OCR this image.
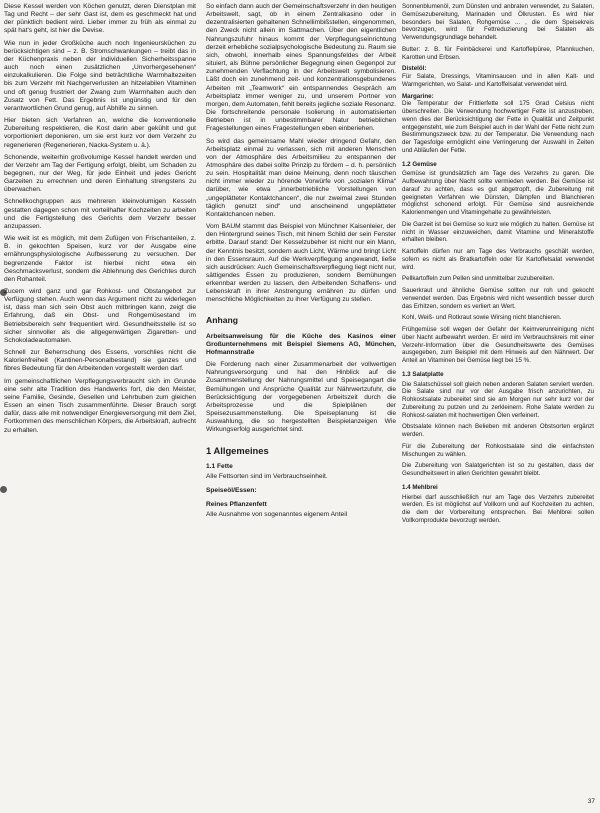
Diese Kessel werden von Köchen genutzt, deren Dienstplan mit Tag und Recht – der sehr Gast ist, dem es geschmeckt hat und der pünktlich bedient wird. Lieber immer zu früh als einmal zu spät hat's geht, ist hier die Devise.

Wie nun in jeder Großküche auch noch Ingenieursküchen zu berücksichtigen sind – z. B. Stromschwankungen – treibt das in der Küchenpraxis neben der individuellen Sicherheitsspanne auch noch einen zusätzlichen „Unvorhergesehenen“ einzukalkulieren. Die Folge sind beträchtliche Warmhaltezeiten bis zum Verzehr mit Nachgerverlusten an hitzelabilen Vitaminen und oft genug frustriert der Zwang zum Warmhalten auch den Zusatz von Fett. Das Ergebnis ist ungünstig und für den verantwortlichen Grund genug, auf Abhilfe zu sinnen.

Hier bieten sich Verfahren an, welche die konventionelle Zubereitung respektieren, die Kost darin aber gekühlt und gut vorportioniert deponieren, um sie erst kurz vor dem Verzehr zu regenerieren (Regenerieren, Nacka-System u. ä.).

Schonende, weiterhin großvolumige Kessel handelt werden und der Verzehr am Tag der Fertigung erfolgt, bleibt, um Schaden zu begegnen, nur der Weg, für jede Einheit und jedes Gericht Garzeiten zu errechnen und deren Einhaltung strengstens zu überwachen.

Schnellkochgruppen aus mehreren kleinvolumigen Kesseln gestatten dagegen schon mit vorteilhafter Kochzeiten zu arbeiten und die Fertigstellung des Gerichts dem Verzehr besser anzupassen.

Wie weit ist es möglich, mit dem Zufügen von Frischanteilen, z. B. in gekochten Speisen, kurz vor der Ausgabe eine ernährungsphysiologische Aufbesserung zu versuchen. Der begrenzende Faktor ist hierbei nicht etwa ein Geschmacksverlust, sondern die Ablehnung des Gerichtes durch den Rohanteil.

Zucem wird ganz und gar Rohkost- und Obstangebot zur Verfügung stehen. Auch wenn das Argument nicht zu widerlegen ist, dass man sich sein Obst auch mitbringen kann, zeigt die Erfahrung, daß ein Obst- und Rohgemüsestand im Betriebsbereich sehr frequentiert wird. Gesundheitsstelle ist so sicher sinnvoller als die allgegenwärtigen Zigaretten- und Schokoladeautomaten.

Schnell zur Beherrschung des Essens, vorschlies nicht die Kalorienfreiheit (Kantinen-Personalbestand) sie ganzes und fibres Bedeutung für den Arbeitenden vorgestellt werden darf.

Im gemeinschaftlichen Verpflegungsverbraucht sich im Grunde eine sehr alte Tradition des Handwerks fort, die den Meister, seine Familie, Gesinde, Gesellen und Lehrbuben zum gleichen Essen an einen Tisch zusammenführte. Dieser Brauch sorgt dafür, dass alle mit notwendiger Energieversorgung mit dem Ziel, Fortkommen des menschlichen Körpers, die Arbeitskraft, aufrecht zu erhalten.

So einfach dann auch der Gemeinschaftsverzehr in den heutigen Arbeitswelt, sagt, ob in einem Zentralkasino oder in dezentralisierten gehaltenen Schnellimbißstellen, eingenommen, den Zweck nicht allein im Sattmachen. Über den eigentlichen Nahrungszufuhr hinaus kommt der Verpflegungseinrichtung derzeit erhebliche sozialpsychologische Bedeutung zu. Raum sie sich, obwohl, innerhalb eines Spannungsfeldes der Arbeit situiert, als Bühne persönlicher Begegnung einen Gegenpol zur zunehmenden Verflachtung in der Arbeitswelt symbolisieren. Läßt doch ein zunehmend zeit- und konzentrationsgebundenes Arbeiten mit „Teamwork“ ein entspannendes Gespräch am Arbeitsplatz immer weniger zu, und unserem Portner von morgen, dem Automaten, fehlt bereits jegliche soziale Resonanz. Die fortschreitende personale Isolierung in automatisierten Betrieben ist in unbestimmbarer Natur betrieblichen Fragestellungen eines Fragestellungen eben einberiehen.

So wird das gemeinsame Mahl wieder dringend Gefahr, den Arbeitsplatz einmal zu verlassen, sich mit anderen Menschen von der Atmosphäre des Arbeitsmilieu zu entspannen der Atmosphäre des dabei sollte Prinzip zu fördern – d. h. persönlich zu sein. Hospitalität man deine Meinung, denn noch täuschen nicht immer wieder zu hörende Vorwürfe von „sozialen Klima“ darüber, wie etwa „innerbetriebliche Vorstellungen von „ungeplätteter Kontaktchancen“, die nur zweimal zwei Stunden täglich genutzt sind“ und anscheinend ungeplätteter Kontaktchancen neben.

Vom BAUM stammt das Beispiel von Münchner Kaisenleier, der den Hintergrund seines Tisch, mit hinem Schild der sein Fenster erbitte. Darauf stand: Der Kesselzubeher ist nicht nur ein Mann, der Kenntnis besitzt, sondern auch Licht, Wärme und bringt Licht in den Essensraum. Auf die Werkverpflegung angewandt, ließe sich ausdrücken: Auch Gemeinschaftsverpflegung liegt nicht nur, sättigendes Essen zu produzieren, sondern Bemühungen erkennbar werden zu lassen, den Arbeitenden Schaffens- und Lebenskraft in ihrer Anstrengung ernähren zu dürfen und menschliche Möglichkeiten zu ihrer Verfügung zu stellen.

Anhang

Arbeitsanweisung für die Küche des Kasinos einer Großunternehmens mit Beispiel Siemens AG, München, Hofmannstraße

Die Forderung nach einer Zusammenarbeit der vollwertigen Nahrungsversorgung und hat den Hinblick auf die Zusammenstellung der Nahrungsmittel und Speisegangart die Bemühungen und Ansprüche Qualität zur Nährwertzufuhr, die Berücksichtigung der vorgegebenen Arbeitszeit durch die Arbeitsprozesse und die Spielplänen der Speisezusammenstellung. Die Speiseplanung ist die Auswahlung, die so hergestellten Beispielanzeigen Wie Wirkungserfolg ausgerichtet sind.

1 Allgemeines
1.1 Fette

Alle Fettsorten sind im Verbrauchseinheit.

Speiseöl/Essen:
Reines Pflanzenfett

Alle Ausnahme von sogenanntes eigenem Anteil

Sonnenblumenöl, zum Dünsten und anbraten verwendet, zu Salaten, Gemüsezubereitung, Marinaden und Ölkrusten. Es wird hier besonders bei Salaten, Rohgemüse ... , die dem Speisekreis bevorzugen, wird für Fettreduzierung bei Salaten als Verwendungsgrundlage behandelt.

Butter: z. B. für Feinbäckerei und Kartoffelpüree, Pfannkuchen, Karotten und Erbsen.

Distelöl:
Für Salate, Dressings, Vitaminsaucen und in allen Kalt- und Warmgerichten, wo Salat- und Kartoffelsalat verwendet wird.

Margarine:
Die Temperatur der Frittierfette soll 175 Grad Celsius nicht überschreiten. Die Verwendung hochwertiger Fette ist anzustreben, wenn dies der Berücksichtigung der Fette in Qualität und Zeitpunkt entgegensteht, wie zum Beispiel auch in der Wahl der Fette nicht zum Bestimmungszweck bzw. zu der Temperatur. Die Verwendung nach der Tagesfolge ermöglicht eine Verringerung der Auswahl in Zeiten und Abläufen der Fette.

1.2 Gemüse

Gemüse ist grundsätzlich am Tage des Verzehrs zu garen. Die Aufbewahrung über Nacht sollte vermieden werden. Bei Gemüse ist darauf zu achten, dass es gut abgetropft, die Zubereitung mit geeigneten Verfahren wie Dünsten, Dämpfen und Blanchieren möglichst schonend erfolgt. Für Gemüse sind ausreichende Kalorienmengen und Vitamingehalte zu gewährleisten.

Die Garzeit ist bei Gemüse so kurz wie möglich zu halten. Gemüse ist nicht in Wasser einzuweichen, damit Vitamine und Mineralstoffe erhalten bleiben.

Kartoffeln dürfen nur am Tage des Verbrauchs geschält werden, sofern es nicht als Bratkartoffeln oder für Kartoffelsalat verwendet wird.

Pellkartoffeln zum Pellen sind unmittelbar zuzubereiten.

Sauerkraut und ähnliche Gemüse sollten nur roh und gekocht verwendet werden. Das Ergebnis wird nicht wesentlich besser durch das Erhitzen, sondern es verliert an Wert.

Kohl, Weiß- und Rotkraut sowie Wirsing nicht blanchieren.

Frühgemüse soll wegen der Gefahr der Keimverunreinigung nicht über Nacht aufbewahrt werden. Er wird im Verbrauchskreis mit einer Verzehr-Information über die Gesundheitswerte des Gemüses ausgegeben, zum Beispiel mit dem Hinweis auf den Nährwert. Der Anteil an Vitaminen bei Gemüse liegt bei 15 %.

1.3 Salatplatte

Die Salatschüssel soll gleich neben anderen Salaten serviert werden. Die Salate sind nur vor der Ausgabe frisch anzurichten, zu Rohkostsalate zubereitet sind sie am Morgen nur sehr kurz vor der Zubereitung zu putzen und zu zerkleinern. Rohe Salate werden zu Rohkost-salaten mit hochwertigen Ölen verfeinert.

Obstsalate können nach Belieben mit anderen Obstsorten ergänzt werden.

Für die Zubereitung der Rohkostsalate sind die einfachsten Mischungen zu wählen.

Die Zubereitung von Salatgerichten ist so zu gestalten, dass der Gesundheitswert in allen Gerichten gewahrt bleibt.

1.4 Mehlbrei

Hierbei darf ausschließlich nur am Tage des Verzehrs zubereitet werden. Es ist möglichst auf Vollkorn und auf Kochzeiten zu achten, die dem der Vorbereitung entsprechen. Bei Mehlbrei sollen Vollkornprodukte bevorzugt werden.

37
